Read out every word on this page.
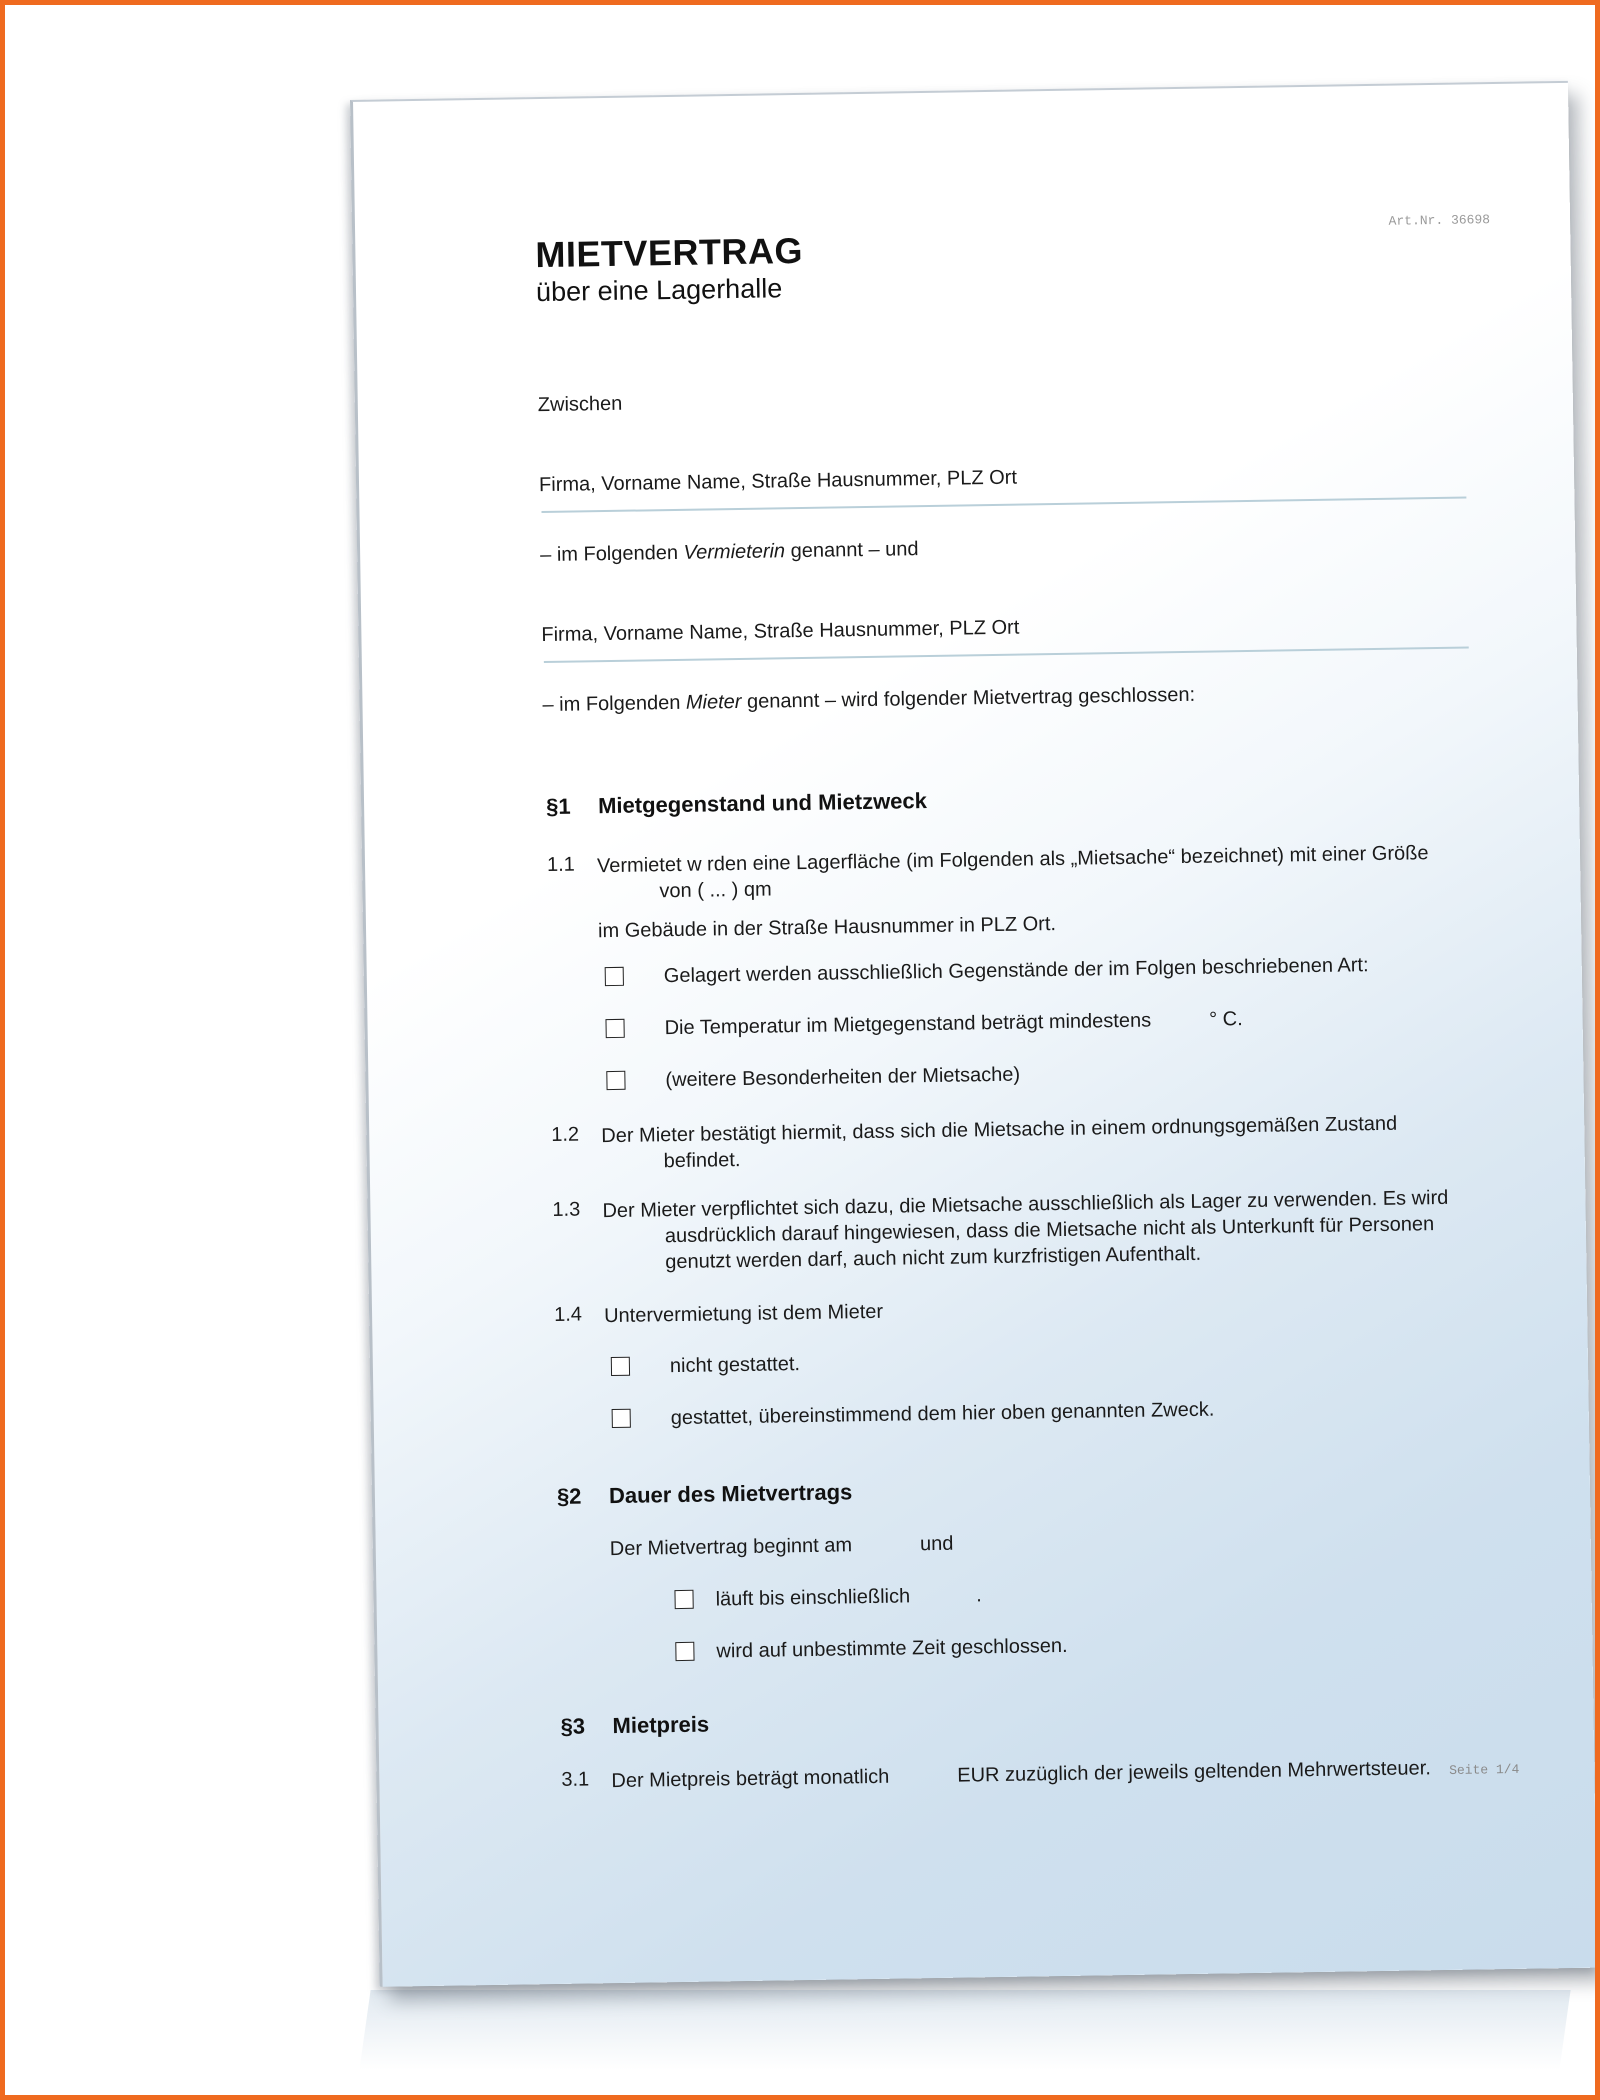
Art.Nr. 36698
MIETVERTRAG
über eine Lagerhalle
Zwischen
Firma, Vorname Name, Straße Hausnummer, PLZ Ort
– im Folgenden Vermieterin genannt – und
Firma, Vorname Name, Straße Hausnummer, PLZ Ort
– im Folgenden Mieter genannt – wird folgender Mietvertrag geschlossen:
§1 Mietgegenstand und Mietzweck
1.1 Vermietet w rden eine Lagerfläche (im Folgenden als „Mietsache“ bezeichnet) mit einer Größe
von ( ... ) qm
im Gebäude in der Straße Hausnummer in PLZ Ort.
Gelagert werden ausschließlich Gegenstände der im Folgen beschriebenen Art:
Die Temperatur im Mietgegenstand beträgt mindestens	° C.
(weitere Besonderheiten der Mietsache)
1.2 Der Mieter bestätigt hiermit, dass sich die Mietsache in einem ordnungsgemäßen Zustand
befindet.
1.3 Der Mieter verpflichtet sich dazu, die Mietsache ausschließlich als Lager zu verwenden. Es wird
ausdrücklich darauf hingewiesen, dass die Mietsache nicht als Unterkunft für Personen
genutzt werden darf, auch nicht zum kurzfristigen Aufenthalt.
1.4 Untervermietung ist dem Mieter
nicht gestattet.
gestattet, übereinstimmend dem hier oben genannten Zweck.
§2 Dauer des Mietvertrags
Der Mietvertrag beginnt am	und
läuft bis einschließlich	.
wird auf unbestimmte Zeit geschlossen.
§3 Mietpreis
3.1 Der Mietpreis beträgt monatlich	EUR zuzüglich der jeweils geltenden Mehrwertsteuer.	Seite 1/4
